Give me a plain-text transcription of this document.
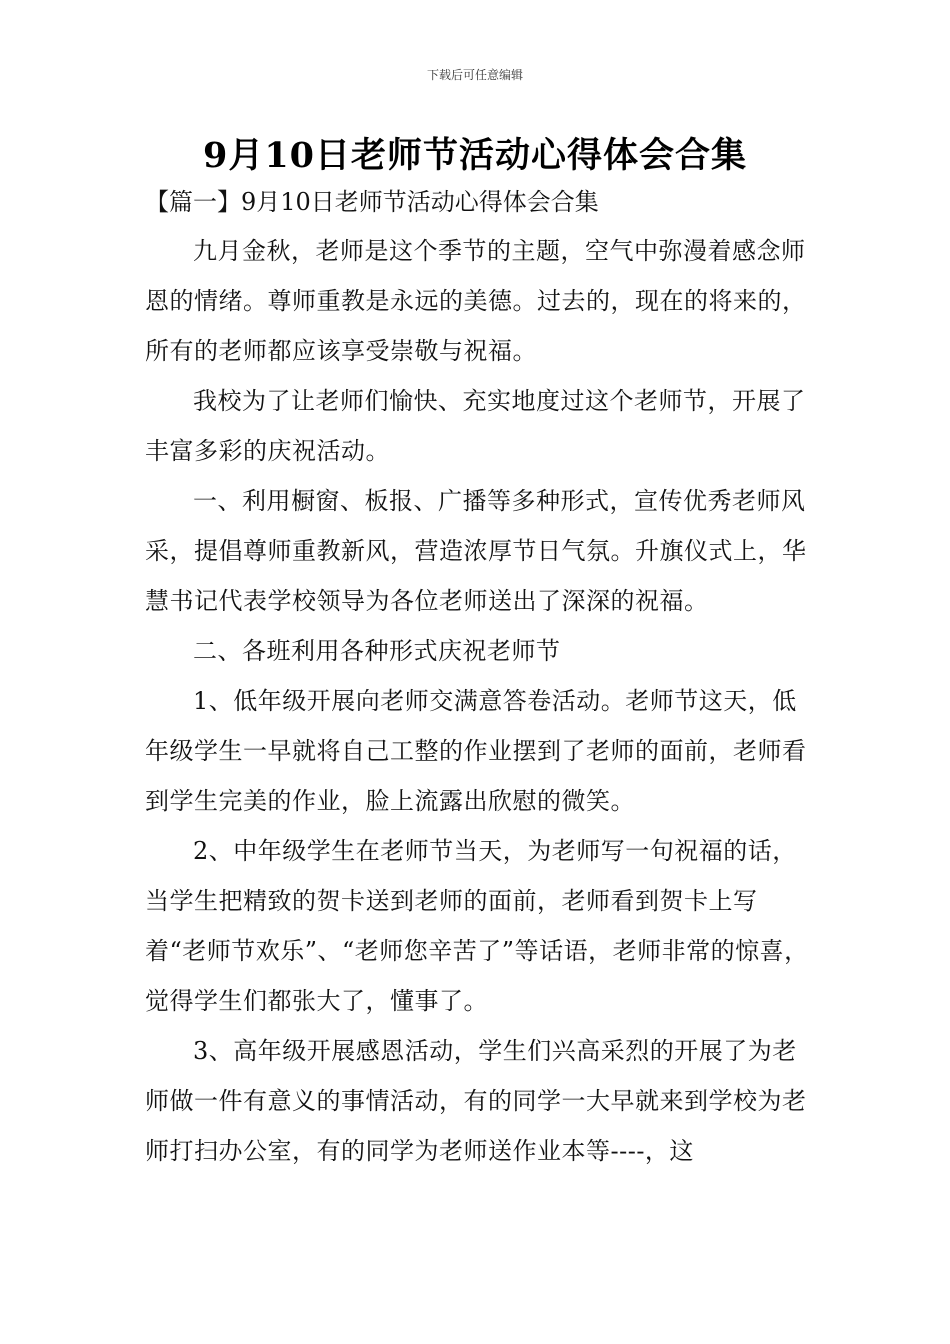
下载后可任意编辑
9月10日老师节活动心得体会合集
【篇一】9月10日老师节活动心得体会合集

九月金秋，老师是这个季节的主题，空气中弥漫着感念师恩的情绪。尊师重教是永远的美德。过去的，现在的将来的，所有的老师都应该享受崇敬与祝福。

我校为了让老师们愉快、充实地度过这个老师节，开展了丰富多彩的庆祝活动。

一、利用橱窗、板报、广播等多种形式，宣传优秀老师风采，提倡尊师重教新风，营造浓厚节日气氛。升旗仪式上，华慧书记代表学校领导为各位老师送出了深深的祝福。

二、各班利用各种形式庆祝老师节

1、低年级开展向老师交满意答卷活动。老师节这天，低年级学生一早就将自己工整的作业摆到了老师的面前，老师看到学生完美的作业，脸上流露出欣慰的微笑。

2、中年级学生在老师节当天，为老师写一句祝福的话，当学生把精致的贺卡送到老师的面前，老师看到贺卡上写着“老师节欢乐”、“老师您辛苦了”等话语，老师非常的惊喜，觉得学生们都张大了，懂事了。

3、高年级开展感恩活动，学生们兴高采烈的开展了为老师做一件有意义的事情活动，有的同学一大早就来到学校为老师打扫办公室，有的同学为老师送作业本等----，这
